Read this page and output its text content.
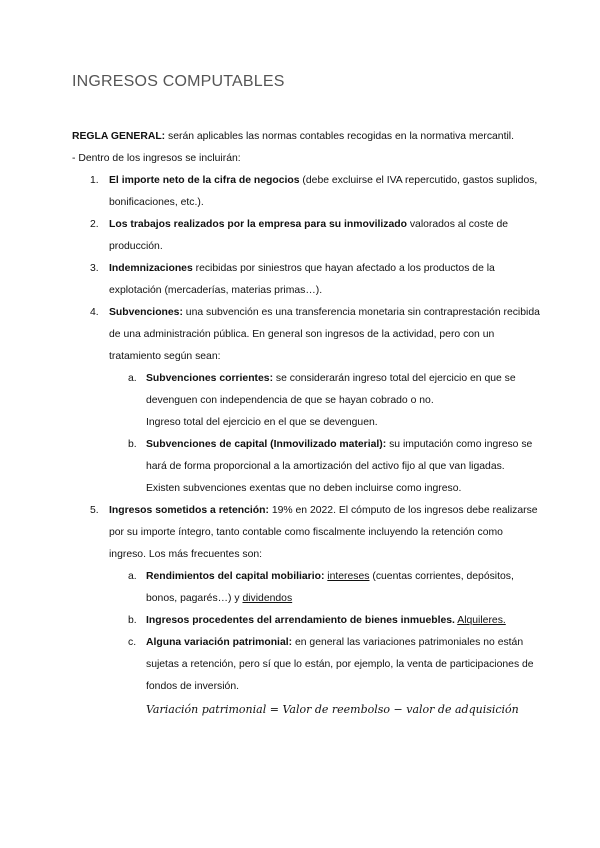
INGRESOS COMPUTABLES

REGLA GENERAL: serán aplicables las normas contables recogidas en la normativa mercantil.

- Dentro de los ingresos se incluirán:

1. El importe neto de la cifra de negocios (debe excluirse el IVA repercutido, gastos suplidos, bonificaciones, etc.).
2. Los trabajos realizados por la empresa para su inmovilizado valorados al coste de producción.
3. Indemnizaciones recibidas por siniestros que hayan afectado a los productos de la explotación (mercaderías, materias primas…).
4. Subvenciones: una subvención es una transferencia monetaria sin contraprestación recibida de una administración pública. En general son ingresos de la actividad, pero con un tratamiento según sean:
a. Subvenciones corrientes: se considerarán ingreso total del ejercicio en que se devenguen con independencia de que se hayan cobrado o no.

Ingreso total del ejercicio en el que se devenguen.

b. Subvenciones de capital (Inmovilizado material): su imputación como ingreso se hará de forma proporcional a la amortización del activo fijo al que van ligadas.

Existen subvenciones exentas que no deben incluirse como ingreso.

5. Ingresos sometidos a retención: 19% en 2022. El cómputo de los ingresos debe realizarse por su importe íntegro, tanto contable como fiscalmente incluyendo la retención como ingreso. Los más frecuentes son:
a. Rendimientos del capital mobiliario: intereses (cuentas corrientes, depósitos, bonos, pagarés…) y dividendos
b. Ingresos procedentes del arrendamiento de bienes inmuebles. Alquileres.
c. Alguna variación patrimonial: en general las variaciones patrimoniales no están sujetas a retención, pero sí que lo están, por ejemplo, la venta de participaciones de fondos de inversión.

Variación patrimonial = Valor de reembolso − valor de adquisición
